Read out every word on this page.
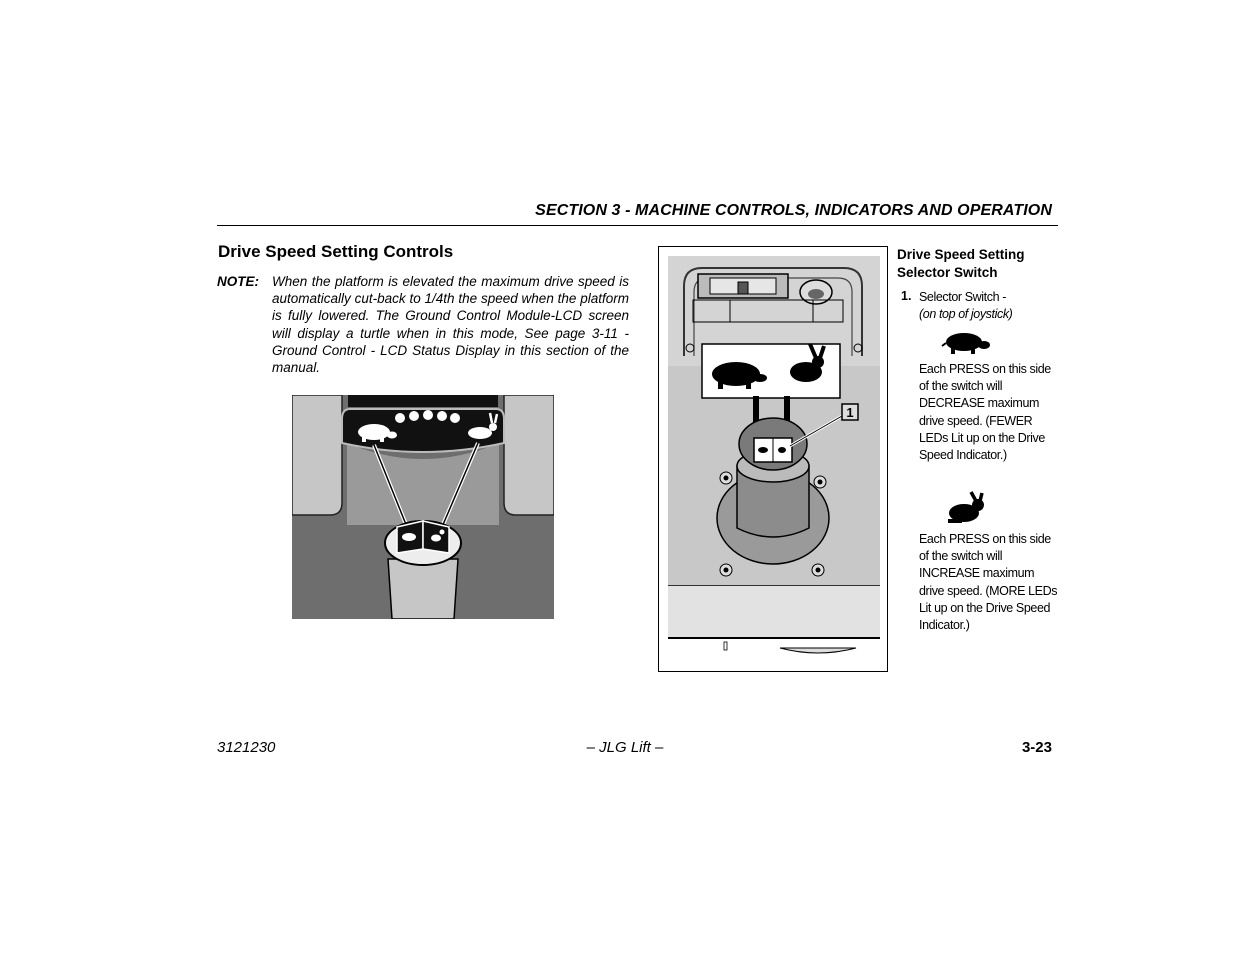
SECTION 3 - MACHINE CONTROLS, INDICATORS AND OPERATION
Drive Speed Setting Controls
NOTE: When the platform is elevated the maximum drive speed is automatically cut-back to 1/4th the speed when the platform is fully lowered. The Ground Control Module-LCD screen will display a turtle when in this mode, See page 3-11 - Ground Control - LCD Status Display in this section of the manual.
1
Drive Speed Setting Selector Switch
1. Selector Switch -
(on top of joystick)
Each PRESS on this side of the switch will DECREASE maximum drive speed. (FEWER LEDs Lit up on the Drive Speed Indicator.)
Each PRESS on this side of the switch will INCREASE maximum drive speed. (MORE LEDs Lit up on the Drive Speed Indicator.)
3121230	– JLG Lift –	3-23
